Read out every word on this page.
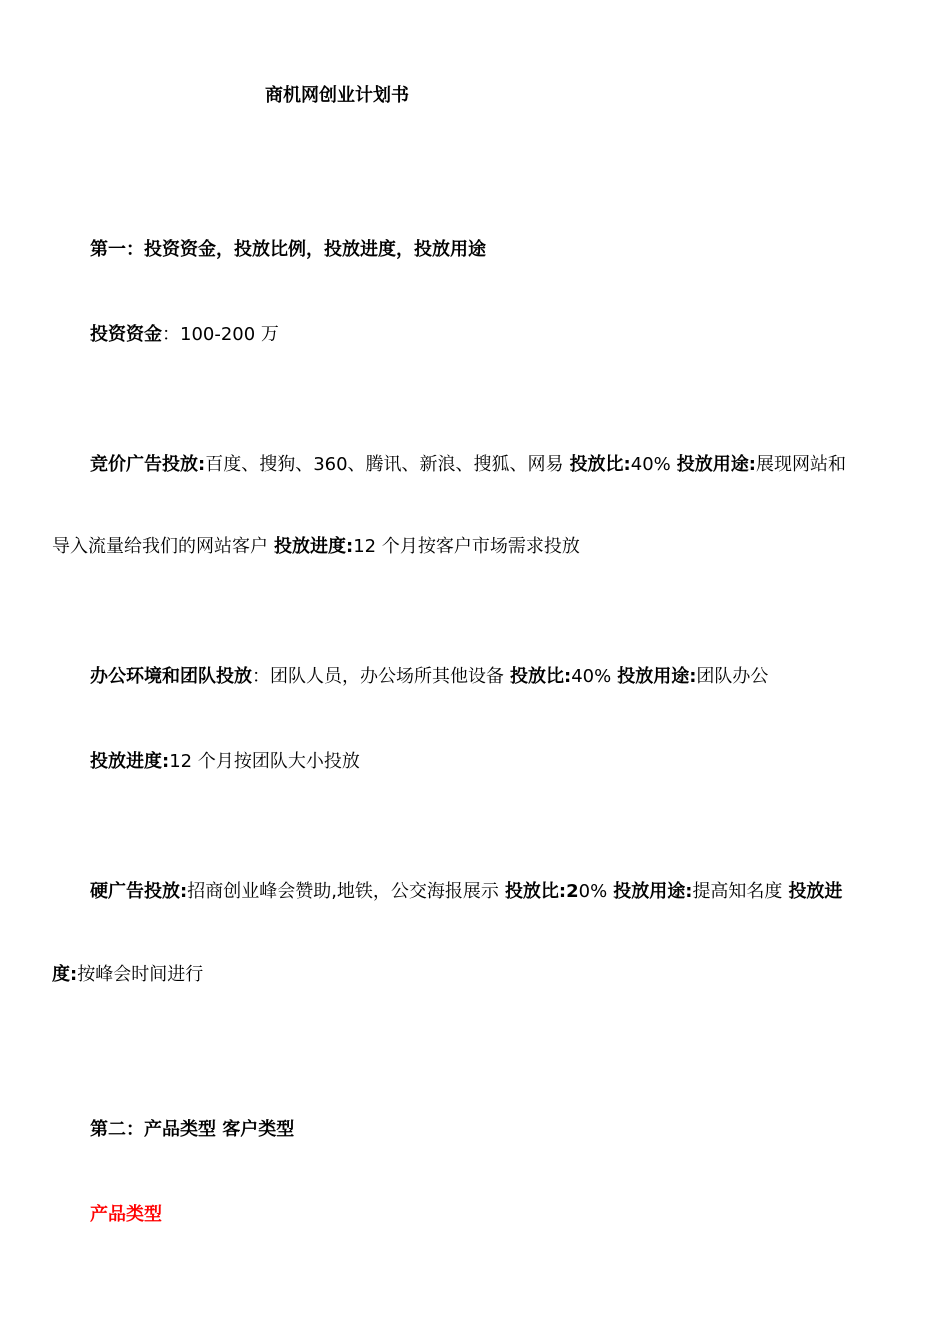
商机网创业计划书
第一：投资资金，投放比例，投放进度，投放用途
投资资金：100-200 万
竞价广告投放:百度、搜狗、360、腾讯、新浪、搜狐、网易 投放比:40% 投放用途:展现网站和
导入流量给我们的网站客户 投放进度:12 个月按客户市场需求投放
办公环境和团队投放：团队人员，办公场所其他设备 投放比:40% 投放用途:团队办公
投放进度:12 个月按团队大小投放
硬广告投放:招商创业峰会赞助,地铁，公交海报展示 投放比:20% 投放用途:提高知名度 投放进
度:按峰会时间进行
第二：产品类型 客户类型
产品类型
